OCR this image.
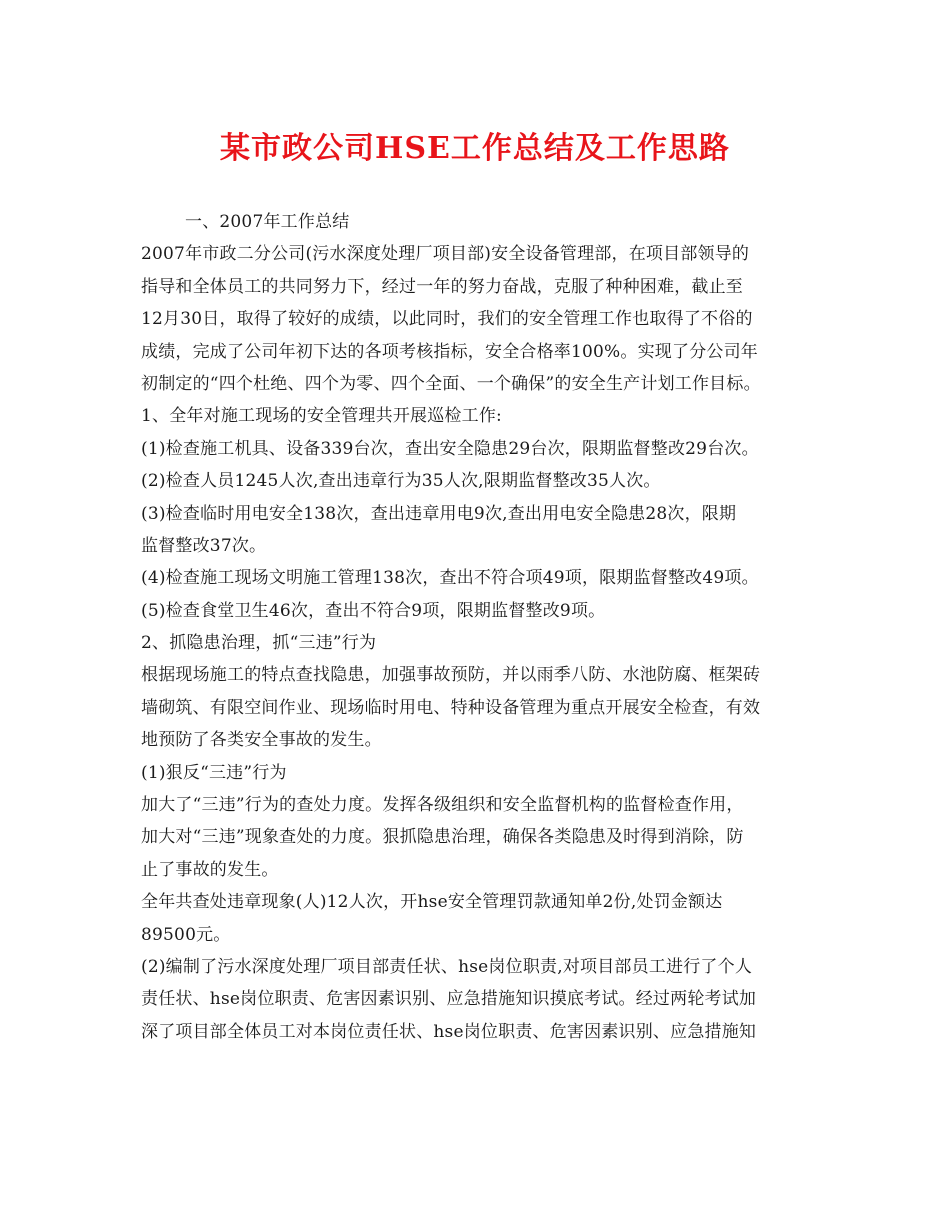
某市政公司HSE工作总结及工作思路
一、2007年工作总结
2007年市政二分公司(污水深度处理厂项目部)安全设备管理部，在项目部领导的
指导和全体员工的共同努力下，经过一年的努力奋战，克服了种种困难，截止至
12月30日，取得了较好的成绩，以此同时，我们的安全管理工作也取得了不俗的
成绩，完成了公司年初下达的各项考核指标，安全合格率100%。实现了分公司年
初制定的“四个杜绝、四个为零、四个全面、一个确保”的安全生产计划工作目标。
1、全年对施工现场的安全管理共开展巡检工作:
(1)检查施工机具、设备339台次，查出安全隐患29台次，限期监督整改29台次。
(2)检查人员1245人次,查出违章行为35人次,限期监督整改35人次。
(3)检查临时用电安全138次，查出违章用电9次,查出用电安全隐患28次，限期
监督整改37次。
(4)检查施工现场文明施工管理138次，查出不符合项49项，限期监督整改49项。
(5)检查食堂卫生46次，查出不符合9项，限期监督整改9项。
2、抓隐患治理，抓“三违”行为
根据现场施工的特点查找隐患，加强事故预防，并以雨季八防、水池防腐、框架砖
墙砌筑、有限空间作业、现场临时用电、特种设备管理为重点开展安全检查，有效
地预防了各类安全事故的发生。
(1)狠反“三违”行为
加大了“三违”行为的查处力度。发挥各级组织和安全监督机构的监督检查作用，
加大对“三违”现象查处的力度。狠抓隐患治理，确保各类隐患及时得到消除，防
止了事故的发生。
全年共查处违章现象(人)12人次，开hse安全管理罚款通知单2份,处罚金额达
89500元。
(2)编制了污水深度处理厂项目部责任状、hse岗位职责,对项目部员工进行了个人
责任状、hse岗位职责、危害因素识别、应急措施知识摸底考试。经过两轮考试加
深了项目部全体员工对本岗位责任状、hse岗位职责、危害因素识别、应急措施知
